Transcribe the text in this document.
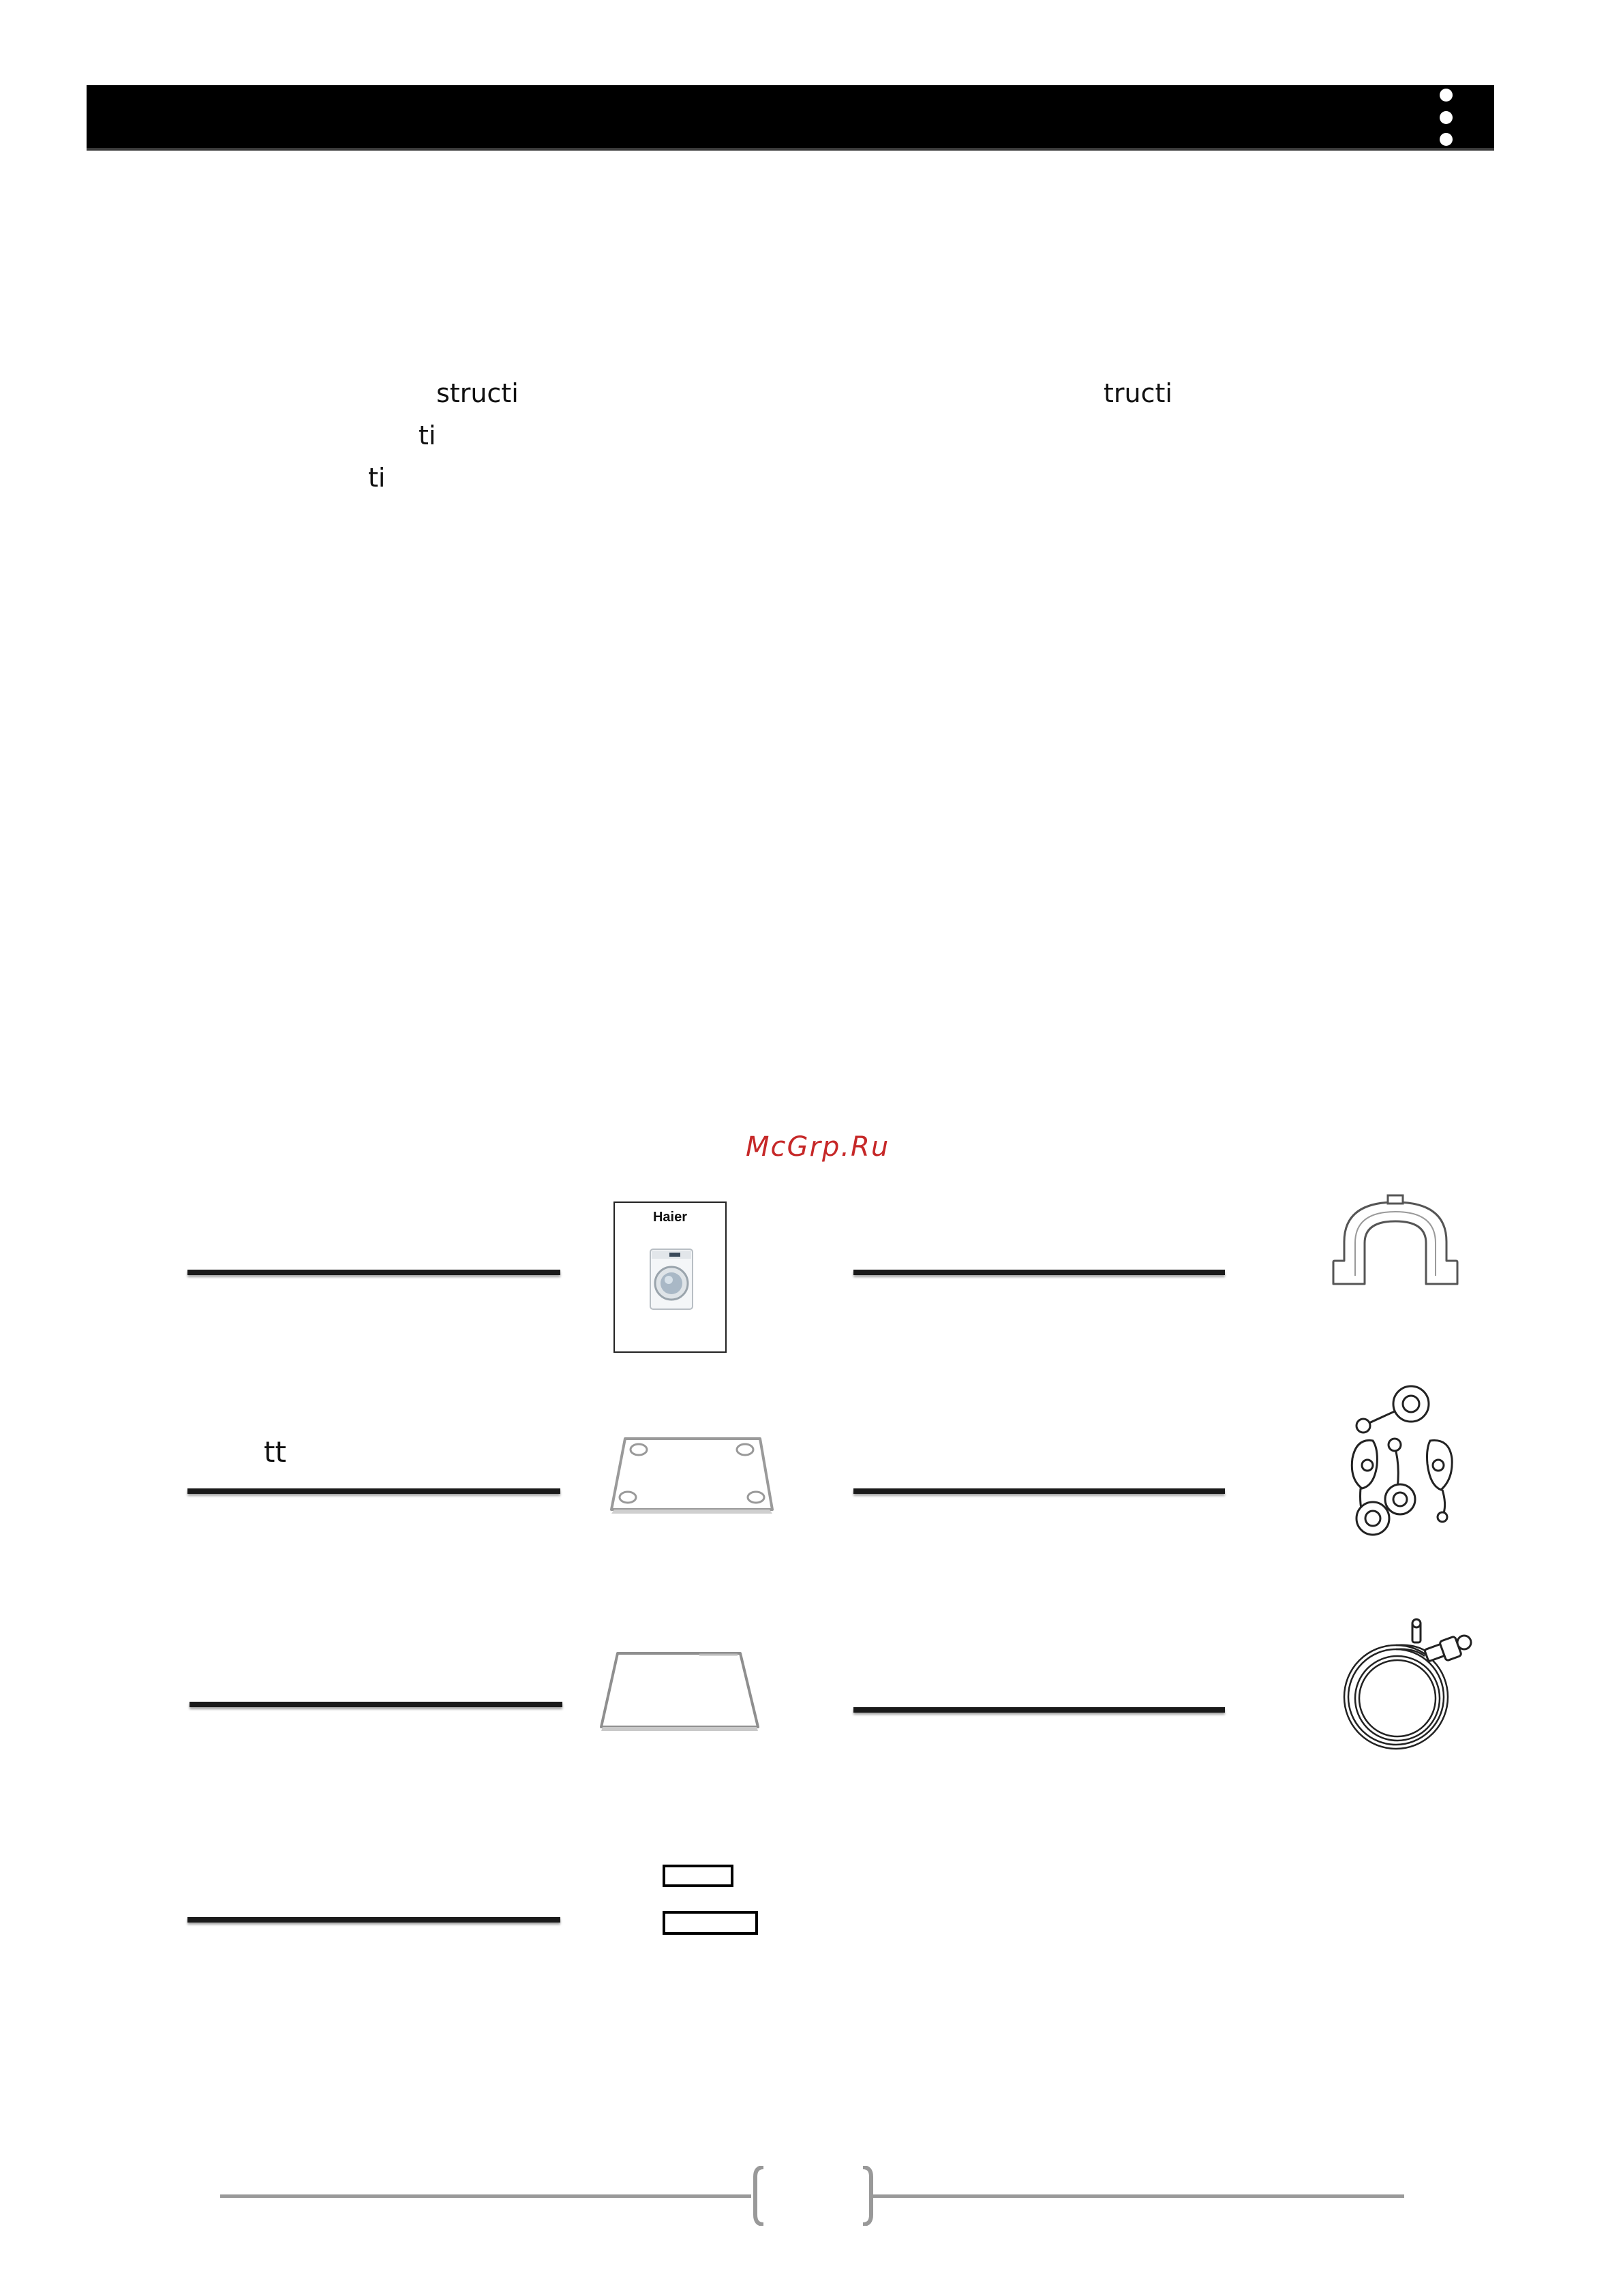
structi	tructi
ti
ti
McGrp.Ru
tt
Haier
